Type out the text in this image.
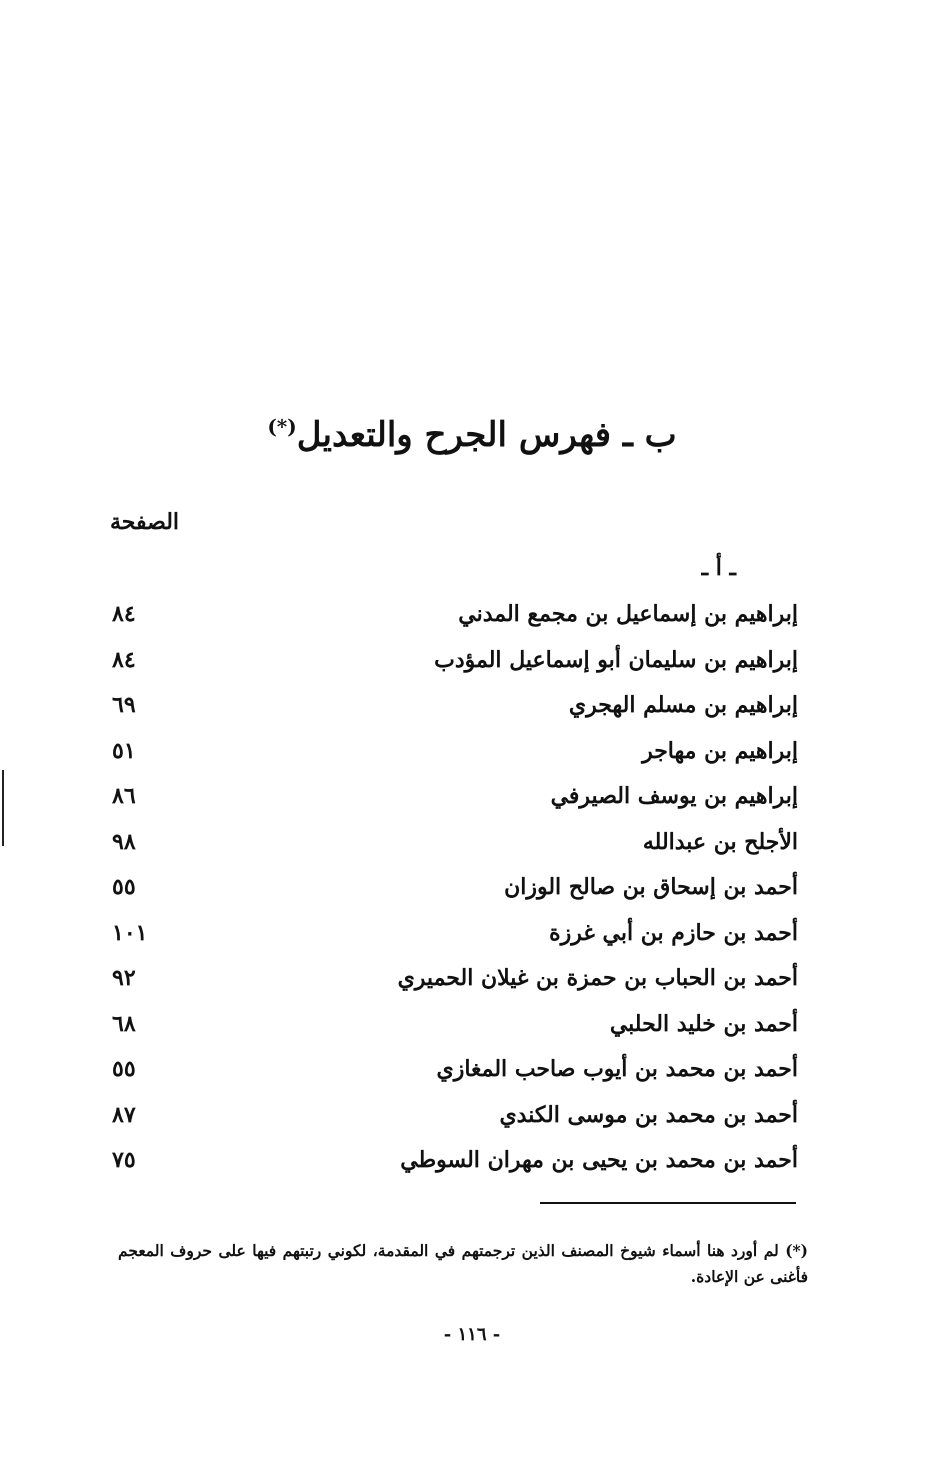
ب ـ فهرس الجرح والتعديل(*)
الصفحة
ـ أ ـ
إبراهيم بن إسماعيل بن مجمع المدني
٨٤
إبراهيم بن سليمان أبو إسماعيل المؤدب
٨٤
إبراهيم بن مسلم الهجري
٦٩
إبراهيم بن مهاجر
٥١
إبراهيم بن يوسف الصيرفي
٨٦
الأجلح بن عبدالله
٩٨
أحمد بن إسحاق بن صالح الوزان
٥٥
أحمد بن حازم بن أبي غرزة
١٠١
أحمد بن الحباب بن حمزة بن غيلان الحميري
٩٢
أحمد بن خليد الحلبي
٦٨
أحمد بن محمد بن أيوب صاحب المغازي
٥٥
أحمد بن محمد بن موسى الكندي
٨٧
أحمد بن محمد بن يحيى بن مهران السوطي
٧٥

(*) لم أورد هنا أسماء شيوخ المصنف الذين ترجمتهم في المقدمة، لكوني رتبتهم فيها على حروف المعجم فأغنى عن الإعادة.

- ١١٦ -
